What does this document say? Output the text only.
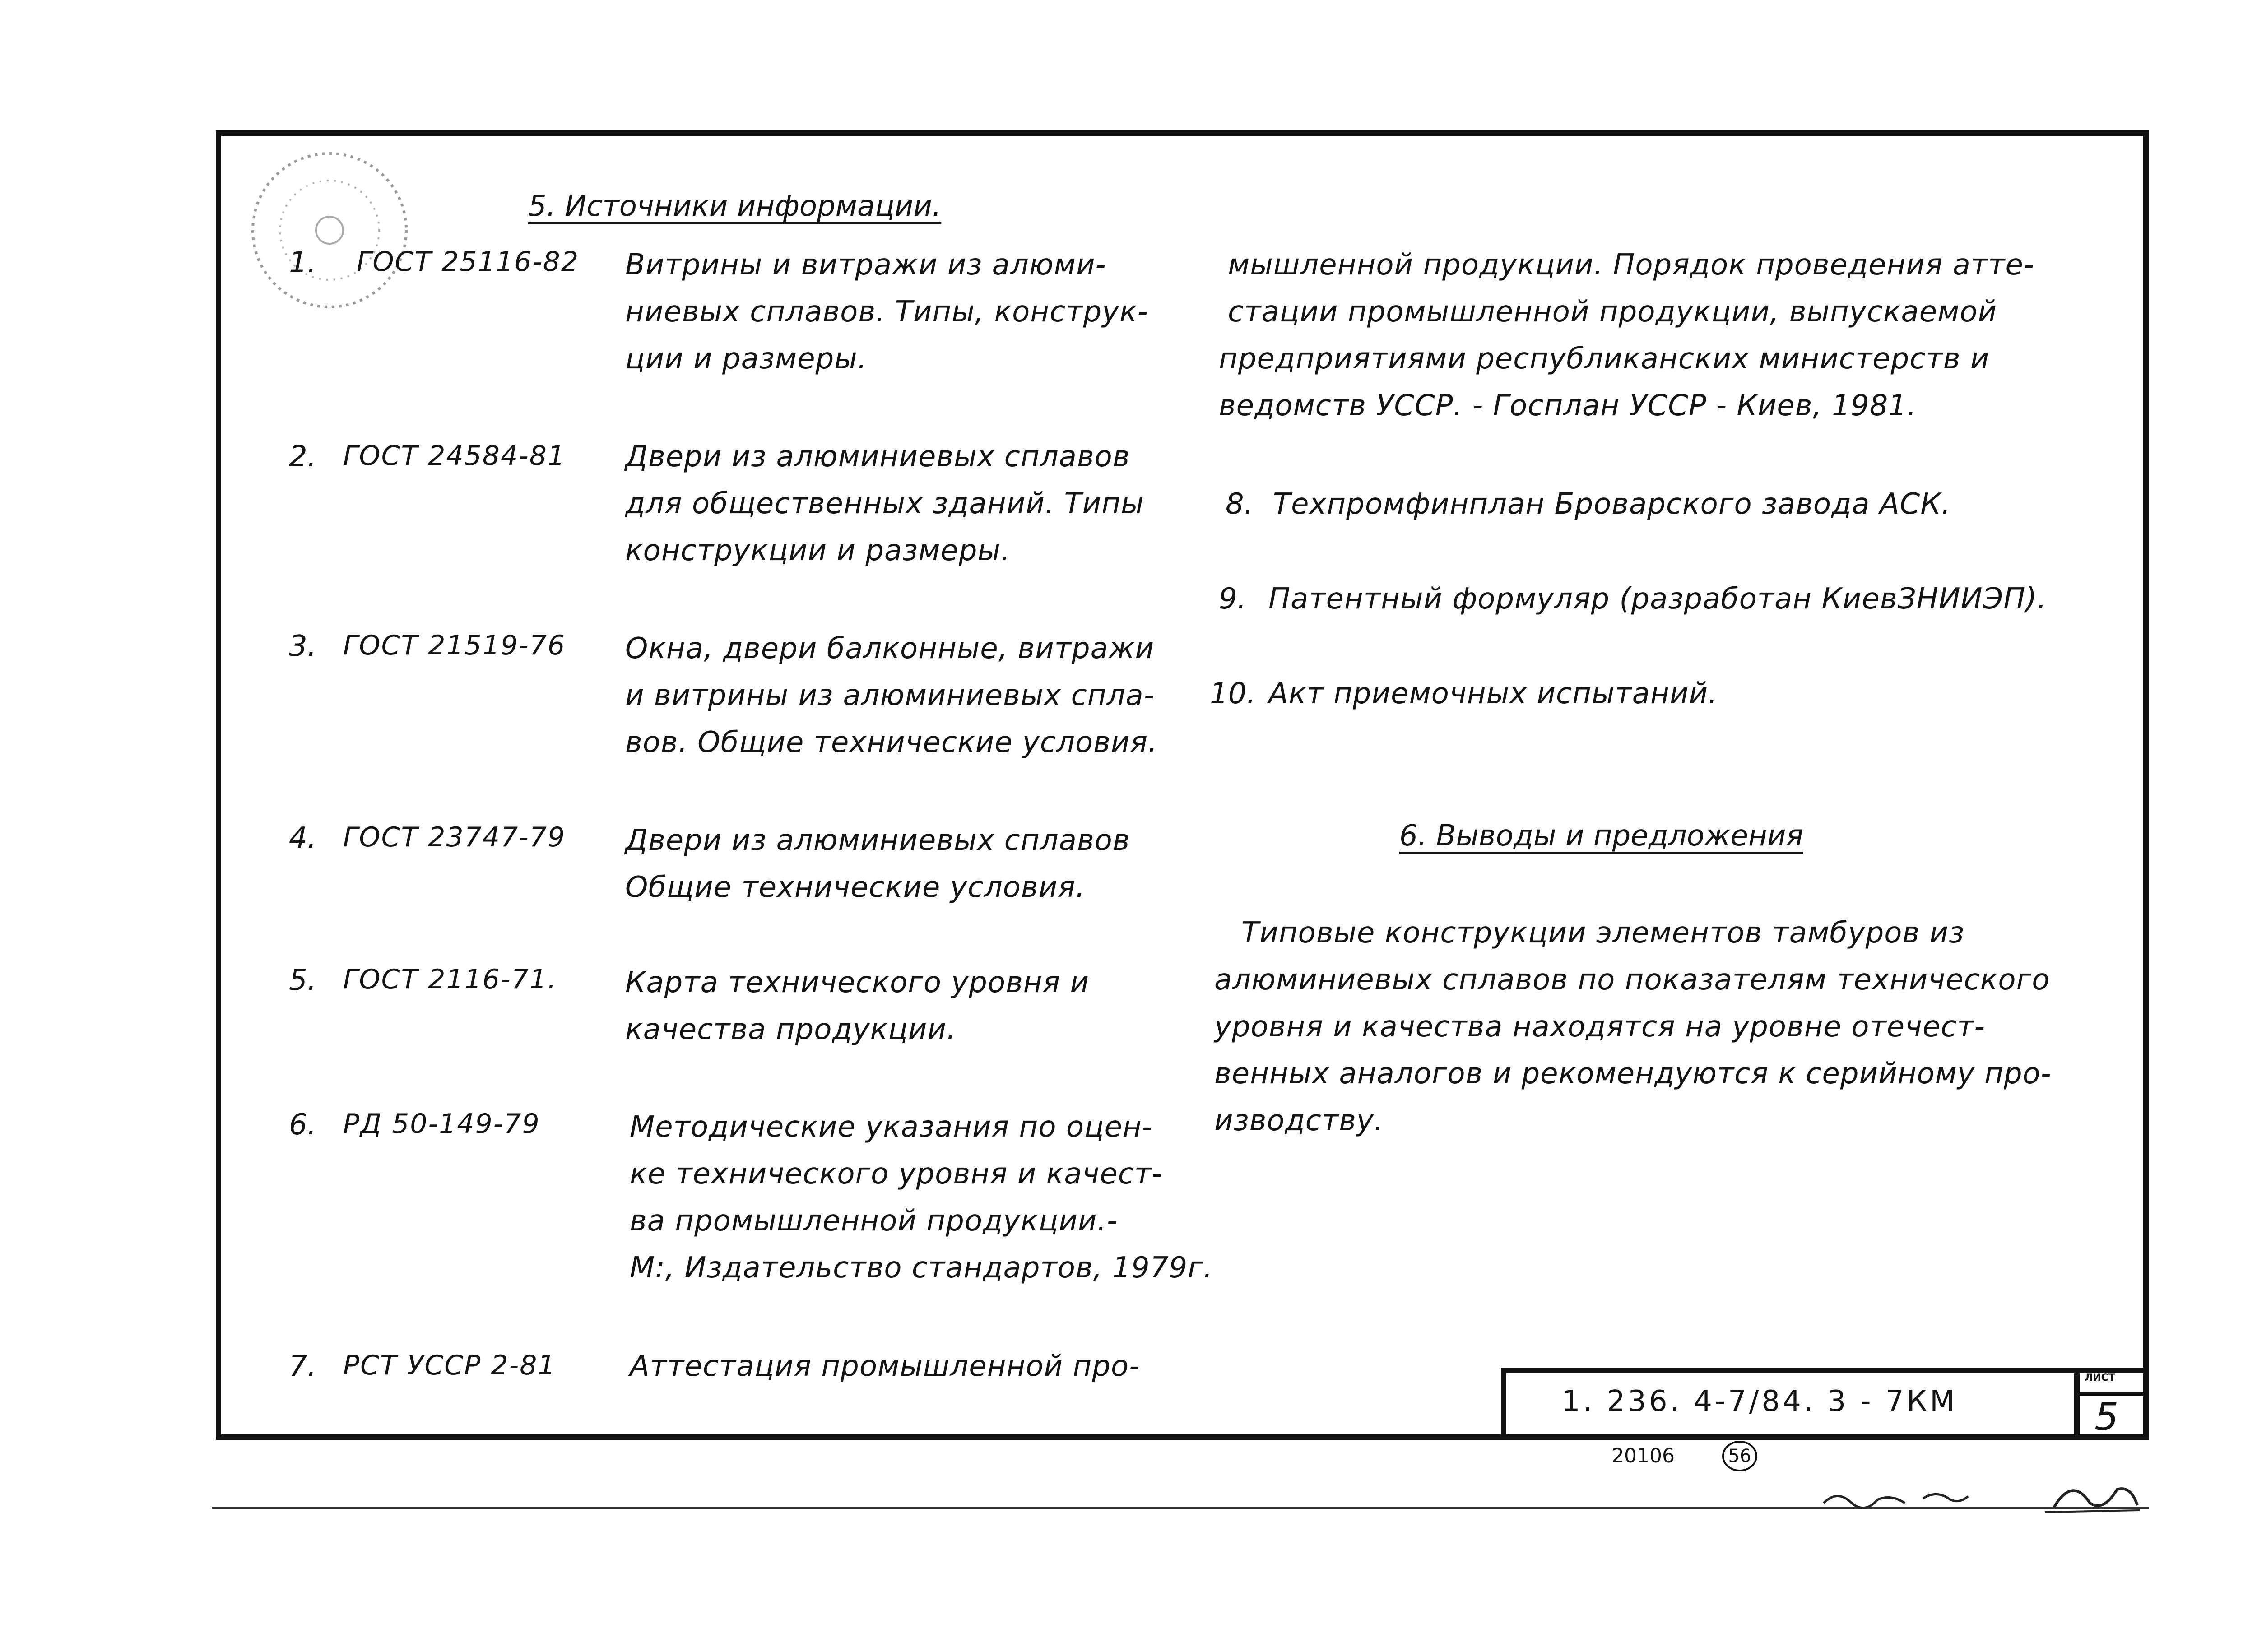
5. Источники информации.
1. ГОСТ 25116-82 Витрины и витражи из алюми-
ниевых сплавов. Типы, конструк-
ции и размеры.
2. ГОСТ 24584-81 Двери из алюминиевых сплавов
для общественных зданий. Типы
конструкции и размеры.
3. ГОСТ 21519-76 Окна, двери балконные, витражи
и витрины из алюминиевых спла-
вов. Общие технические условия.
4. ГОСТ 23747-79 Двери из алюминиевых сплавов
Общие технические условия.
5. ГОСТ 2116-71. Карта технического уровня и
качества продукции.
6. РД 50-149-79	Методические указания по оцен-
ке технического уровня и качест-
ва промышленной продукции.-
М:, Издательство стандартов, 1979г.
7. РСТ УССР 2-81	Аттестация промышленной про-
мышленной продукции. Порядок проведения атте-
стации промышленной продукции, выпускаемой
предприятиями республиканских министерств и
ведомств УССР. - Госплан УССР - Киев, 1981.
8. Техпромфинплан Броварского завода АСК.
9. Патентный формуляр (разработан КиевЗНИИЭП).
10. Акт приемочных испытаний.
6. Выводы и предложения
Типовые конструкции элементов тамбуров из
алюминиевых сплавов по показателям технического
уровня и качества находятся на уровне отечест-
венных аналогов и рекомендуются к серийному про-
изводству.
1. 236. 4-7/84. 3 - 7КМ
ЛИСТ
5
20106	56
